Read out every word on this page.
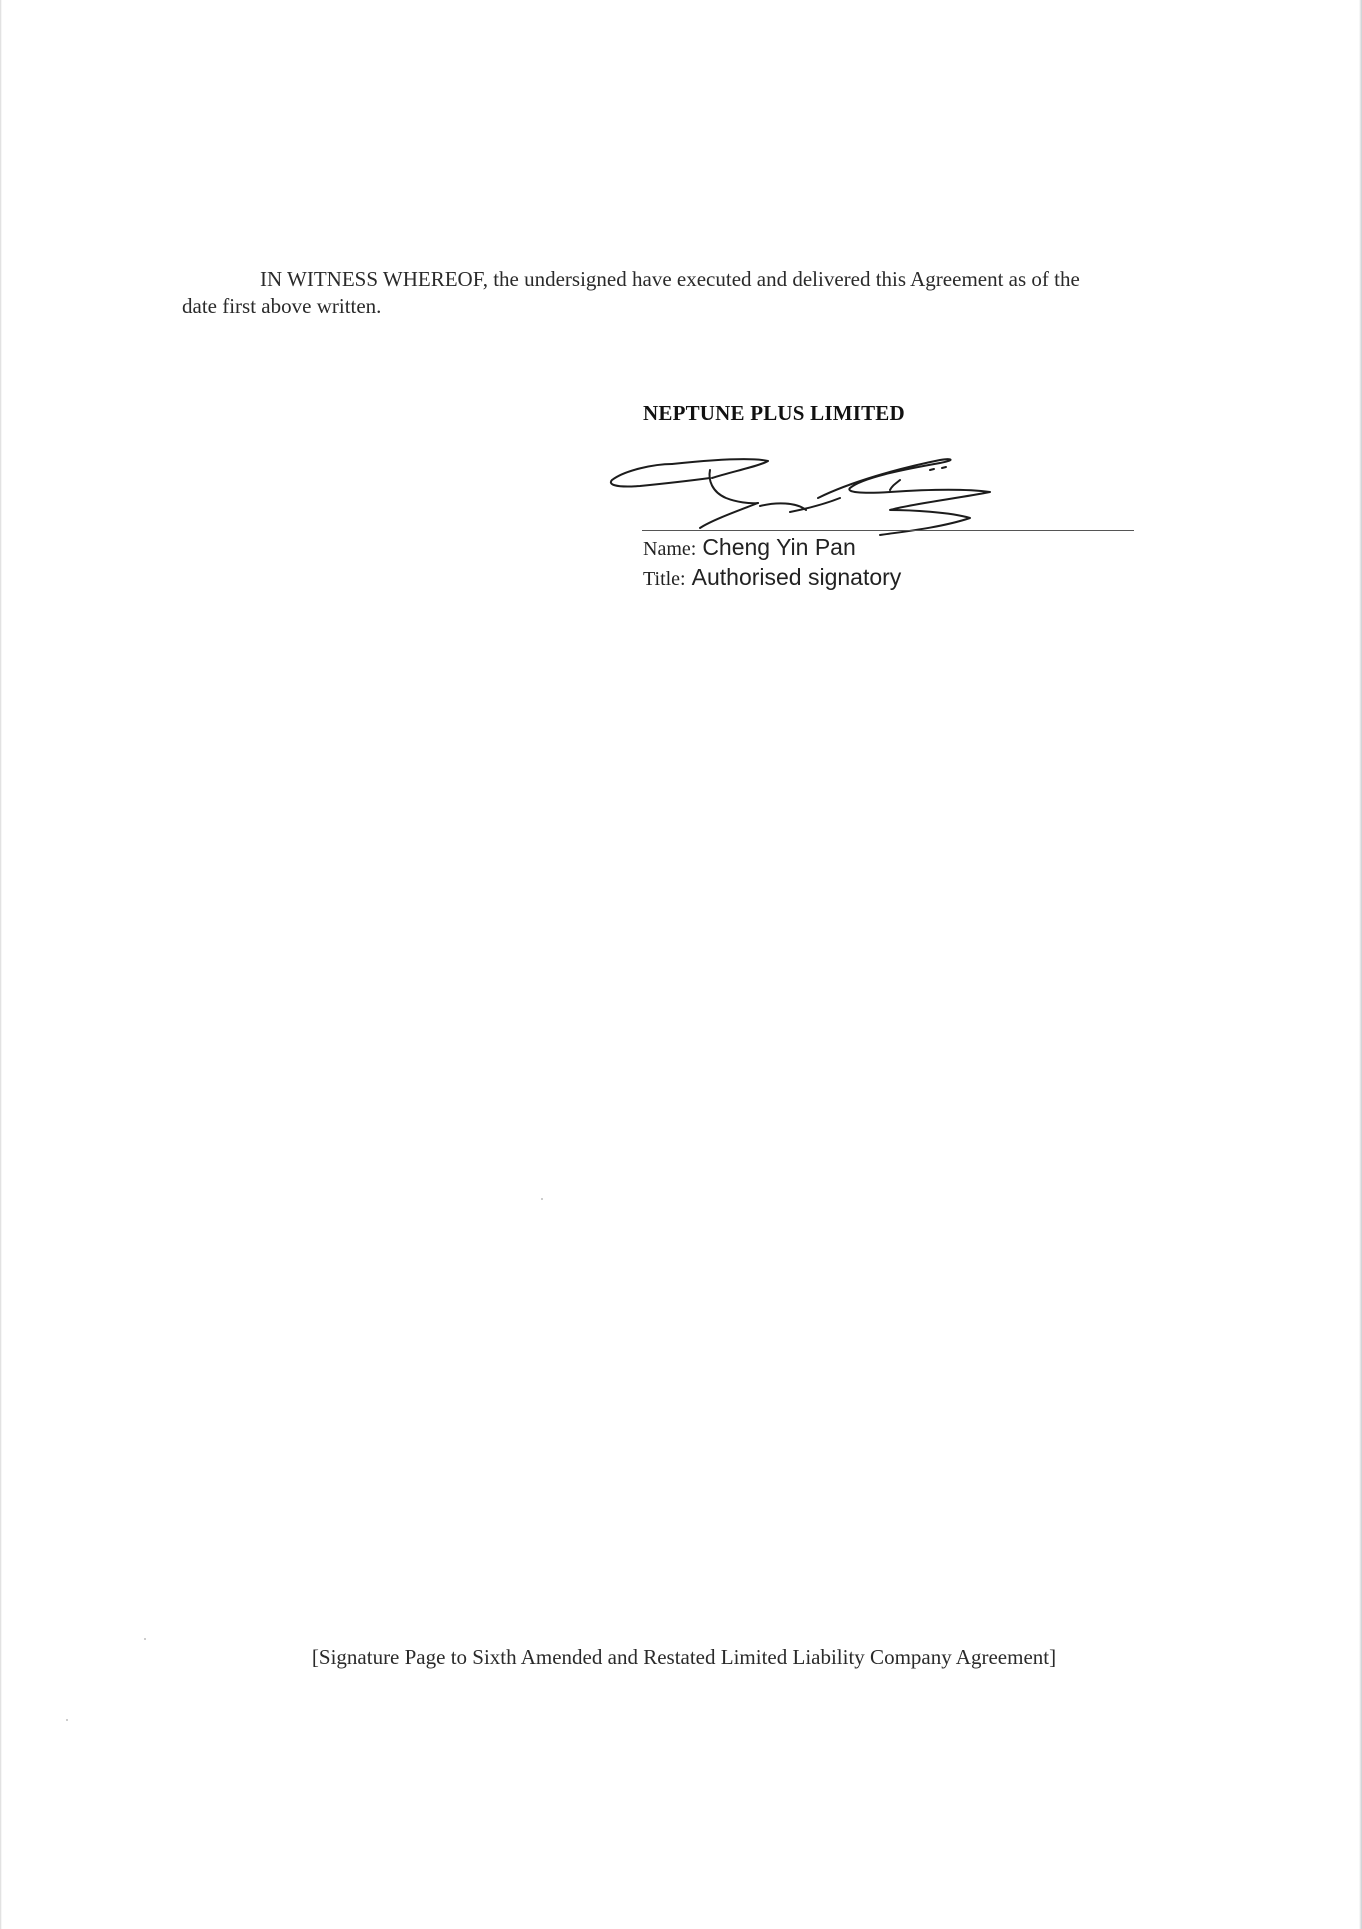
IN WITNESS WHEREOF, the undersigned have executed and delivered this Agreement as of the
date first above written.

NEPTUNE PLUS LIMITED
Name: Cheng Yin Pan
Title: Authorised signatory
[Signature Page to Sixth Amended and Restated Limited Liability Company Agreement]
